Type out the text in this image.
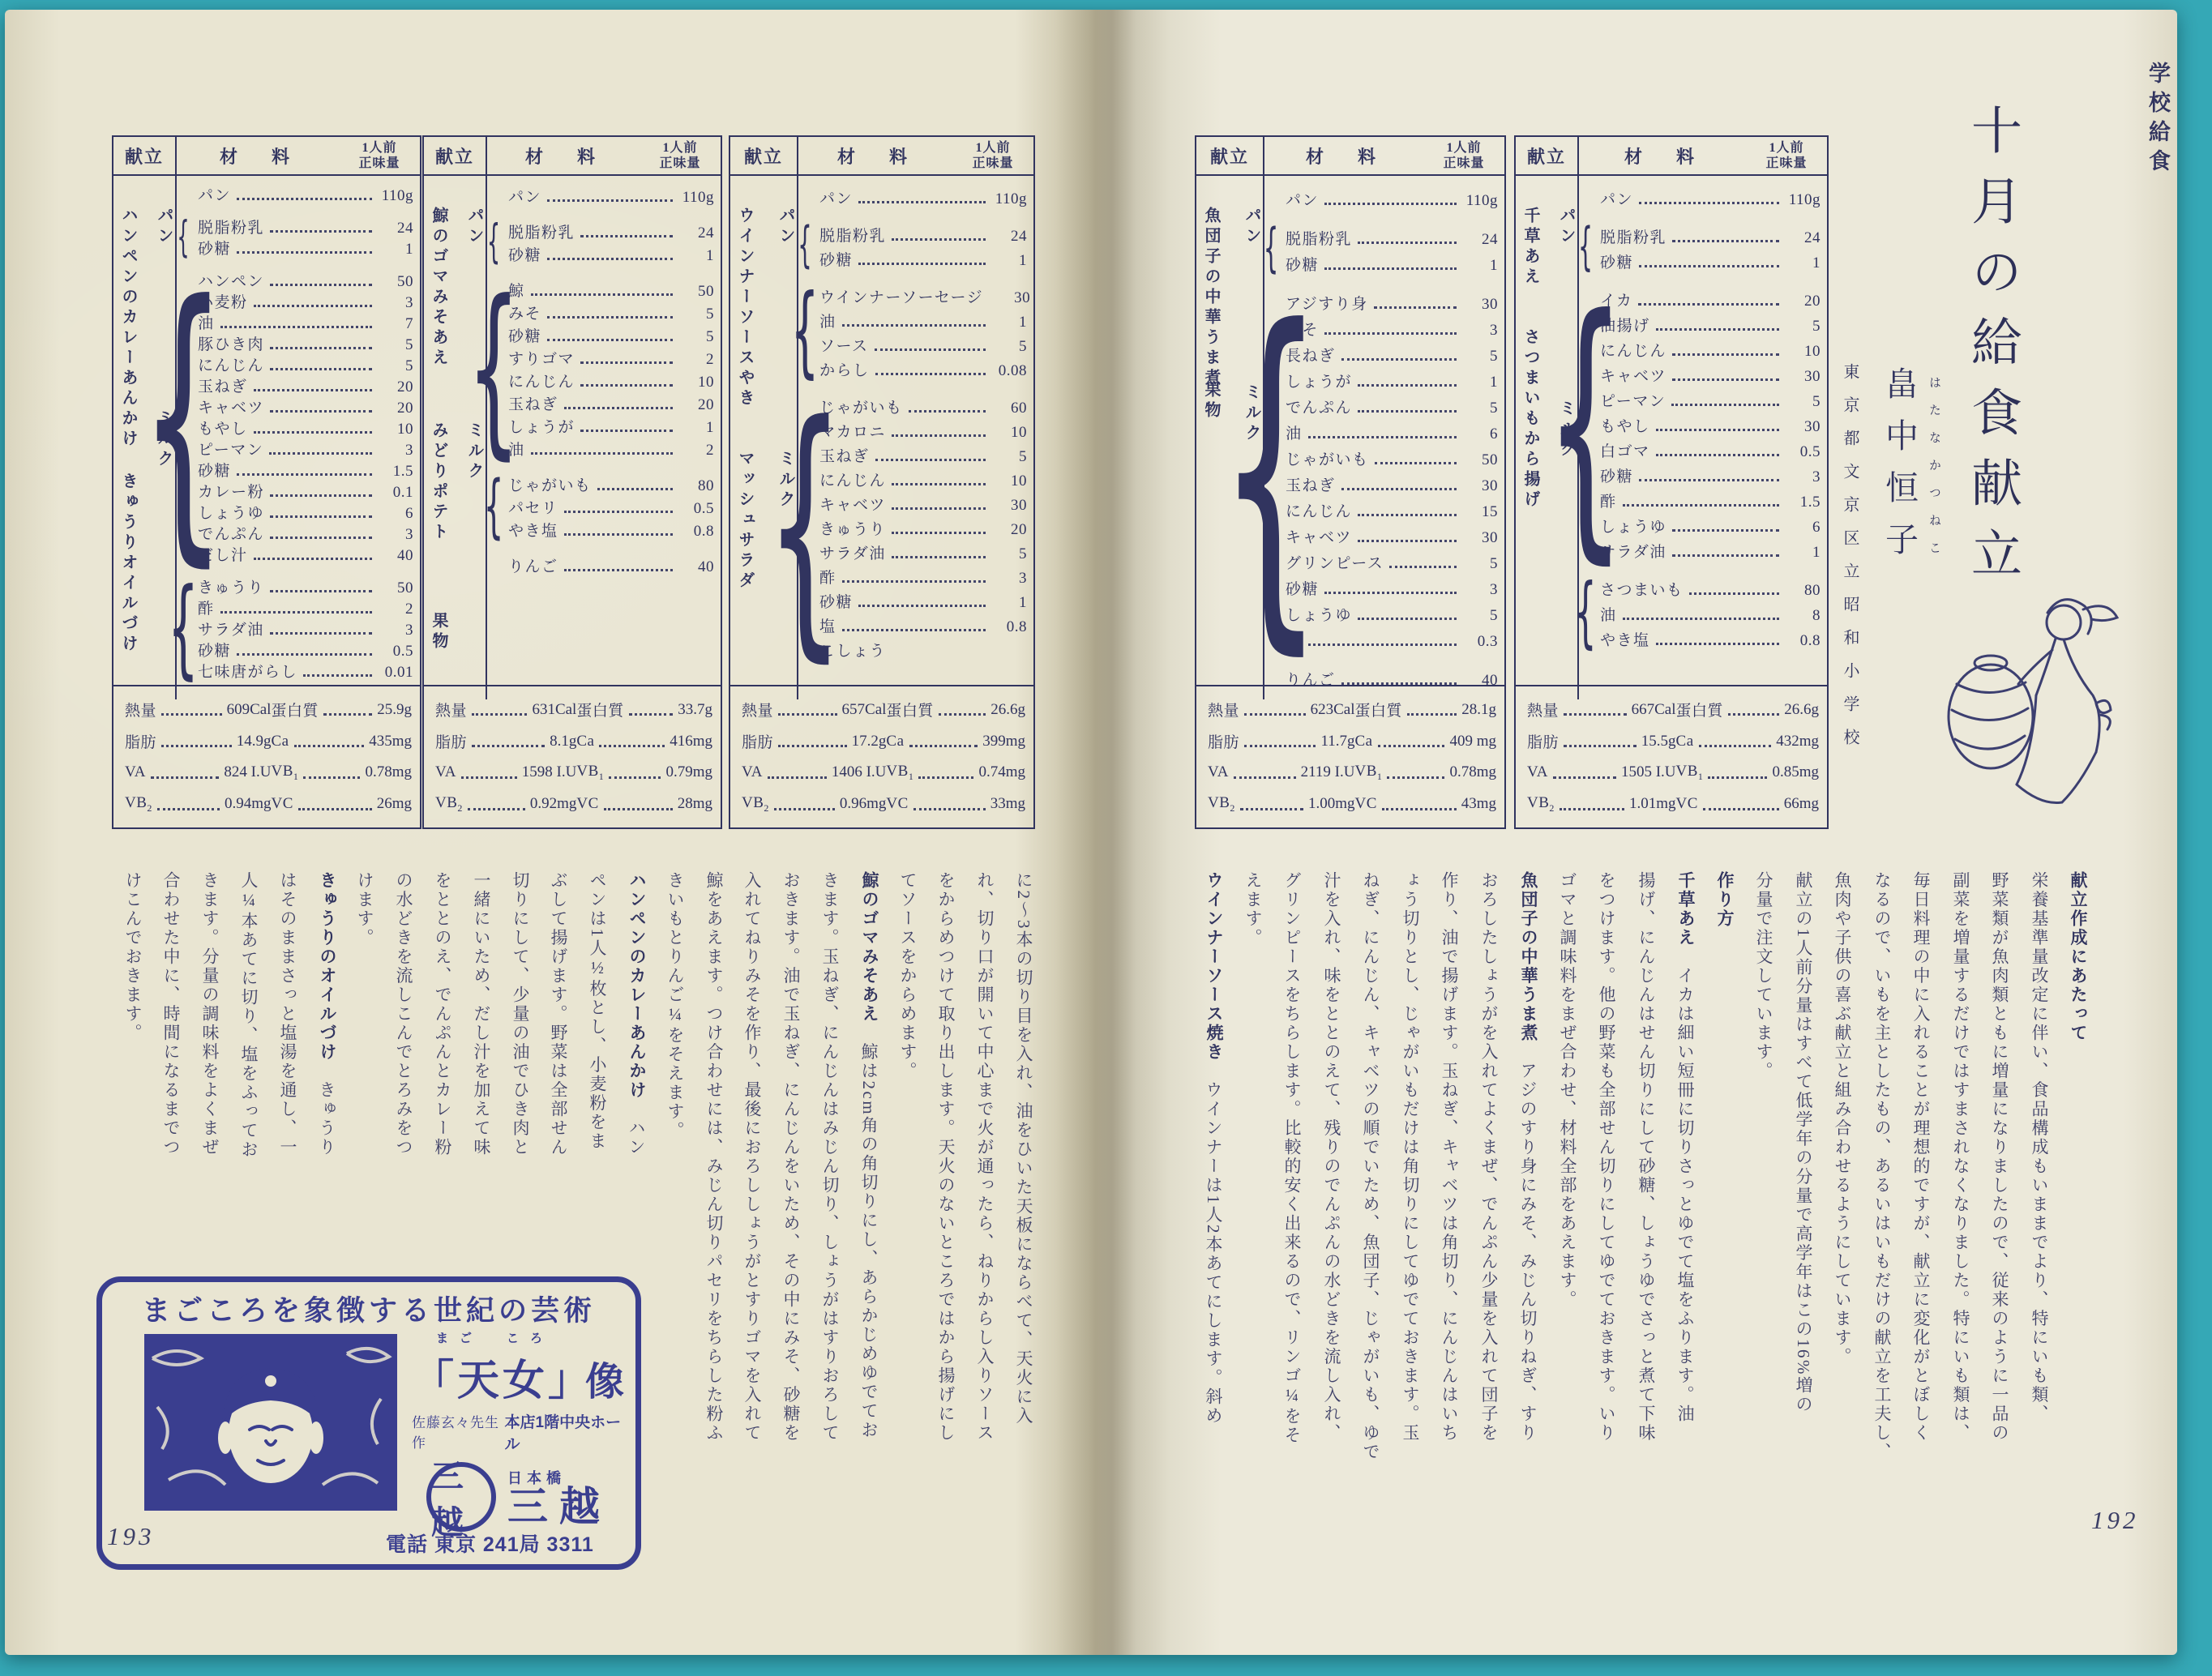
学校給食
十月の給食献立
はたなかつねこ
畠中恒子
東京都文京区立昭和小学校
193
192
まごころを象徴する世紀の芸術
まご　ころ
「天女」
像
佐藤玄々先生作
本店1階中央ホール
三越
日本橋
三越
電話 東京 241局 3311
献立	材　料	1人前
正味量
パン
ハンペンのカレーあんかけ ミルク
きゅうりオイルづけ
パン	110g
{ 脱脂粉乳	24
砂糖	1
{ ハンペン	50
小麦粉	3
油	7
豚ひき肉	5
にんじん	5
玉ねぎ	20
キャベツ	20
もやし	10
ピーマン	3
砂糖	1.5
カレー粉	0.1
しょうゆ	6
でんぷん	3
だし汁	40
{ きゅうり	50
酢	2
サラダ油	3
砂糖	0.5
七味唐がらし	0.01
熱量	609Cal 蛋白質	25.9g
脂肪	14.9g Ca	435mg
VA	824 I.U $VB_1$	0.78mg
$VB_2$	0.94mg VC	26mg
献立	材　料	1人前
正味量
パン
鯨のゴマみそあえ
ミルク
みどりポテト
果物
パン	110g
{ 脱脂粉乳	24
砂糖	1
{ 鯨	50
みそ	5
砂糖	5
すりゴマ	2
にんじん	10
玉ねぎ	20
しょうが	1
油	2
{ じゃがいも	80
パセリ	0.5
やき塩	0.8
りんご	40
熱量	631Cal 蛋白質	33.7g
脂肪	8.1g Ca	416mg
VA	1598 I.U $VB_1$	0.79mg
$VB_2$	0.92mg VC	28mg
献立	材　料	1人前
正味量
パン
ウインナーソースやき
ミルク
マッシュサラダ
パン	110g
{ 脱脂粉乳	24
砂糖	1
{ ウインナーソーセージ	30
油	1
ソース	5
からし	0.08
{ じゃがいも	60
マカロニ	10
玉ねぎ	5
にんじん	10
キャベツ	30
きゅうり	20
サラダ油	5
酢	3
砂糖	1
塩	0.8
こしょう
熱量	657Cal 蛋白質	26.6g
脂肪	17.2g Ca	399mg
VA	1406 I.U $VB_1$	0.74mg
$VB_2$	0.96mg VC	33mg
献立	材　料	1人前
正味量
パン
魚団子の中華うま煮
果物 ミルク
パン	110g
{ 脱脂粉乳	24
砂糖	1
{ アジすり身	30
みそ	3
長ねぎ	5
しょうが	1
でんぷん	5
油	6
じゃがいも	50
玉ねぎ	30
にんじん	15
キャベツ	30
グリンピース	5
砂糖	3
しょうゆ	5
塩	0.3
りんご	40
熱量	623Cal 蛋白質	28.1g
脂肪	11.7g Ca	409 mg
VA	2119 I.U $VB_1$	0.78mg
$VB_2$	1.00mg VC	43mg
献立	材　料	1人前
正味量
パン
千草あえ
ミルク
さつまいもから揚げ
パン	110g
{ 脱脂粉乳	24
砂糖	1
{ イカ	20
油揚げ	5
にんじん	10
キャベツ	30
ピーマン	5
もやし	30
白ゴマ	0.5
砂糖	3
酢	1.5
しょうゆ	6
サラダ油	1
{ さつまいも	80
油	8
やき塩	0.8
熱量	667Cal 蛋白質	26.6g
脂肪	15.5g Ca	432mg
VA	1505 I.U $VB_1$	0.85mg
$VB_2$	1.01mg VC	66mg
献立作成にあたって
栄養基準量改定に伴い、食品構成もいままでより、特にいも類、
野菜類が魚肉類ともに増量になりましたので、従来のように一品の
副菜を増量するだけではすまされなくなりました。特にいも類は、
毎日料理の中に入れることが理想的ですが、献立に変化がとぼしく
なるので、いもを主としたもの、あるいはいもだけの献立を工夫し、
魚肉や子供の喜ぶ献立と組み合わせるようにしています。
献立の1人前分量はすべて低学年の分量で高学年はこの16%増の
分量で注文しています。
作り方
千草あえ　イカは細い短冊に切りさっとゆでて塩をふります。油
揚げ、にんじんはせん切りにして砂糖、しょうゆでさっと煮て下味
をつけます。他の野菜も全部せん切りにしてゆでておきます。いり
ゴマと調味料をまぜ合わせ、材料全部をあえます。
魚団子の中華うま煮　アジのすり身にみそ、みじん切りねぎ、すり
おろしたしょうがを入れてよくまぜ、でんぷん少量を入れて団子を
作り、油で揚げます。玉ねぎ、キャベツは角切り、にんじんはいち
ょう切りとし、じゃがいもだけは角切りにしてゆでておきます。玉
ねぎ、にんじん、キャベツの順でいため、魚団子、じゃがいも、ゆで
汁を入れ、味をととのえて、残りのでんぷんの水どきを流し入れ、
グリンピースをちらします。比較的安く出来るので、リンゴ¼をそ
えます。
ウインナーソース焼き　ウインナーは1人2本あてにします。斜め
に2〜3本の切り目を入れ、油をひいた天板にならべて、天火に入
れ、切り口が開いて中心まで火が通ったら、ねりからし入りソース
をからめつけて取り出します。天火のないところではから揚げにし
てソースをからめます。
鯨のゴマみそあえ　鯨は2cm角の角切りにし、あらかじめゆでてお
きます。玉ねぎ、にんじんはみじん切り、しょうがはすりおろして
おきます。油で玉ねぎ、にんじんをいため、その中にみそ、砂糖を
入れてねりみそを作り、最後におろししょうがとすりゴマを入れて
鯨をあえます。つけ合わせには、みじん切りパセリをちらした粉ふ
きいもとりんご¼をそえます。
ハンペンのカレーあんかけ　ハン
ペンは1人½枚とし、小麦粉をま
ぶして揚げます。野菜は全部せん
切りにして、少量の油でひき肉と
一緒にいため、だし汁を加えて味
をととのえ、でんぷんとカレー粉
の水どきを流しこんでとろみをつ
けます。
きゅうりのオイルづけ　きゅうり
はそのままさっと塩湯を通し、一
人¼本あてに切り、塩をふってお
きます。分量の調味料をよくまぜ
合わせた中に、時間になるまでつ
けこんでおきます。
